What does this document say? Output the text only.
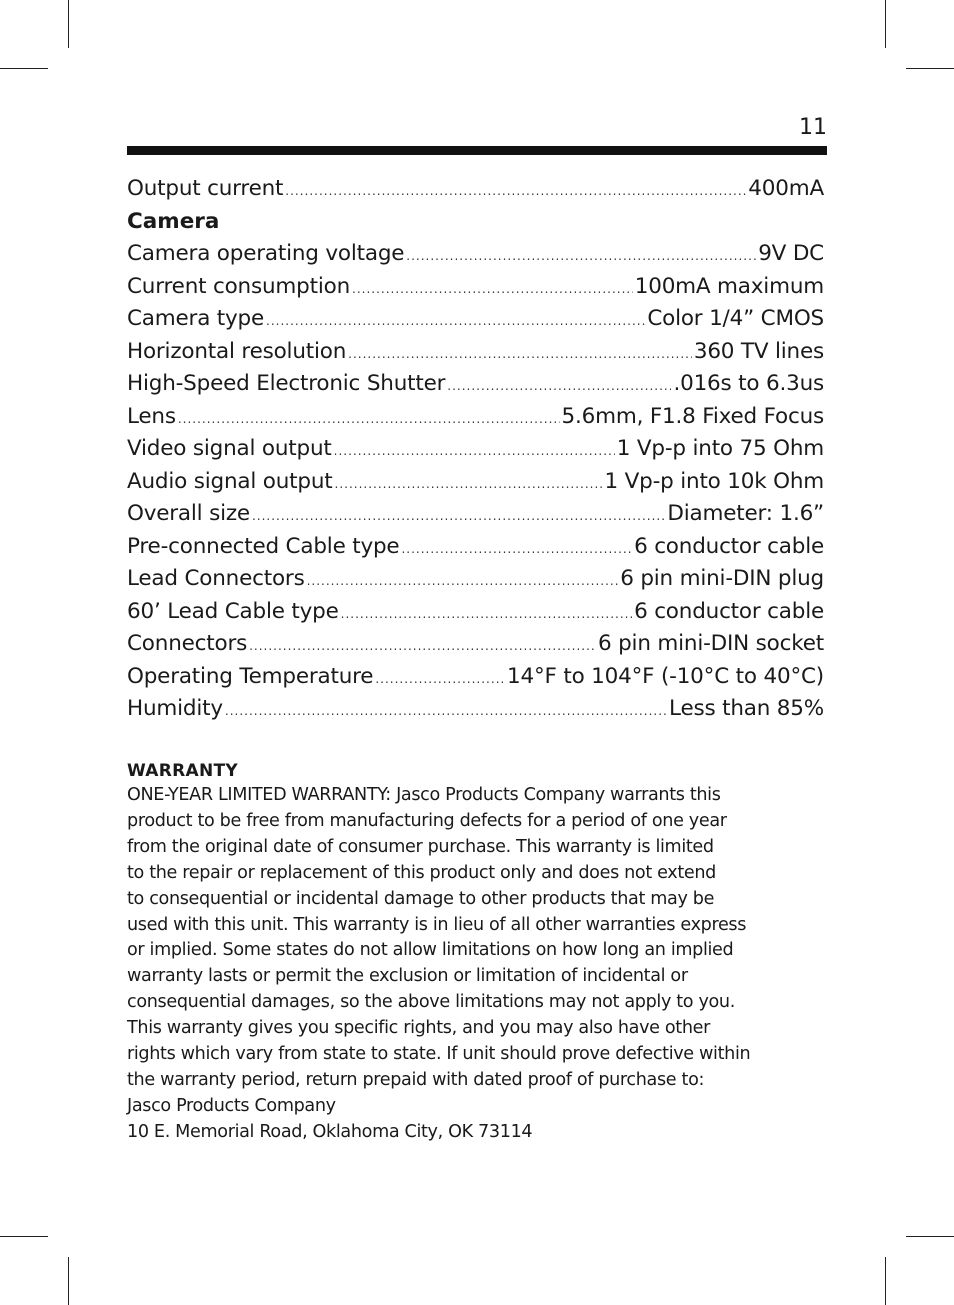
11
Output current .....	400mA
Camera
Camera operating voltage .....	9V DC
Current consumption .....	100mA maximum
Camera type .....	Color 1/4” CMOS
Horizontal resolution .....	360 TV lines
High-Speed Electronic Shutter .....	.016s to 6.3us
Lens .....	5.6mm, F1.8 Fixed Focus
Video signal output .....	1 Vp-p into 75 Ohm
Audio signal output .....	1 Vp-p into 10k Ohm
Overall size .....	Diameter: 1.6”
Pre-connected Cable type .....	6 conductor cable
Lead Connectors .....	6 pin mini-DIN plug
60’ Lead Cable type .....	6 conductor cable
Connectors .....	6 pin mini-DIN socket
Operating Temperature .....	14°F to 104°F (-10°C to 40°C)
Humidity .....	Less than 85%
WARRANTY
ONE-YEAR LIMITED WARRANTY: Jasco Products Company warrants this
product to be free from manufacturing defects for a period of one year
from the original date of consumer purchase. This warranty is limited
to the repair or replacement of this product only and does not extend
to consequential or incidental damage to other products that may be
used with this unit. This warranty is in lieu of all other warranties express
or implied. Some states do not allow limitations on how long an implied
warranty lasts or permit the exclusion or limitation of incidental or
consequential damages, so the above limitations may not apply to you.
This warranty gives you specific rights, and you may also have other
rights which vary from state to state. If unit should prove defective within
the warranty period, return prepaid with dated proof of purchase to:
Jasco Products Company
10 E. Memorial Road, Oklahoma City, OK 73114
